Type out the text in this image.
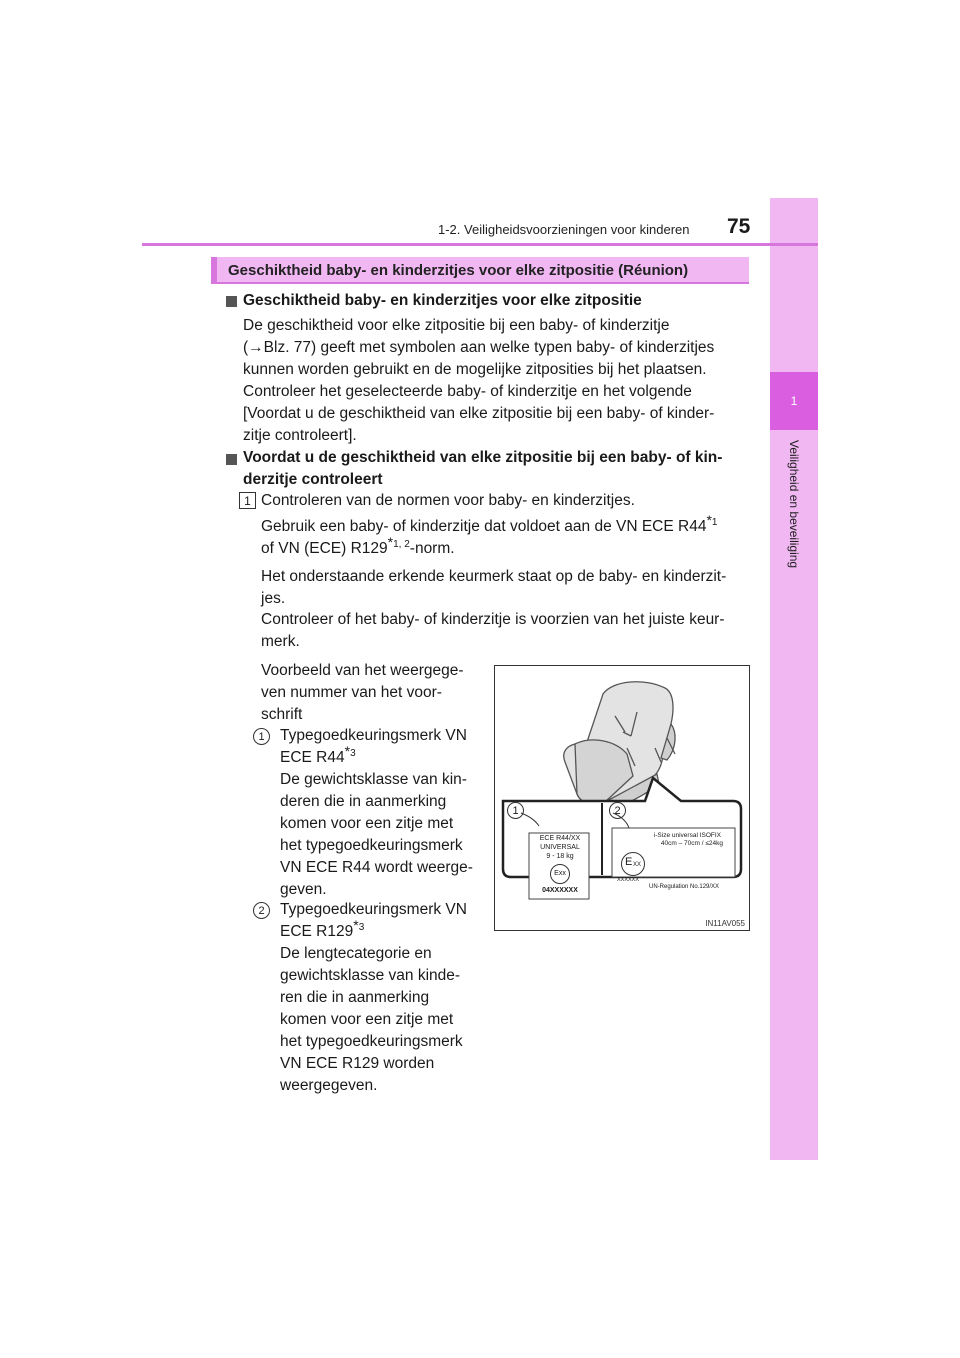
1
Veiligheid en beveiliging
1-2. Veiligheidsvoorzieningen voor kinderen 75
Geschiktheid baby- en kinderzitjes voor elke zitpositie (Réunion)
Geschiktheid baby- en kinderzitjes voor elke zitpositie
De geschiktheid voor elke zitpositie bij een baby- of kinderzitje
(→Blz. 77) geeft met symbolen aan welke typen baby- of kinderzitjes
kunnen worden gebruikt en de mogelijke zitposities bij het plaatsen.
Controleer het geselecteerde baby- of kinderzitje en het volgende
[Voordat u de geschiktheid van elke zitpositie bij een baby- of kinder-
zitje controleert].
Voordat u de geschiktheid van elke zitpositie bij een baby- of kin-
derzitje controleert
1 Controleren van de normen voor baby- en kinderzitjes.
Gebruik een baby- of kinderzitje dat voldoet aan de VN ECE R44$^{*1}$
of VN (ECE) R129$^{*1, 2}$-norm.
Het onderstaande erkende keurmerk staat op de baby- en kinderzit-
jes.
Controleer of het baby- of kinderzitje is voorzien van het juiste keur-
merk.
Voorbeeld van het weergege-
ven nummer van het voor-
schrift
1 Typegoedkeuringsmerk VN
ECE R44$^{*3}$
De gewichtsklasse van kin-
deren die in aanmerking
komen voor een zitje met
het typegoedkeuringsmerk
VN ECE R44 wordt weerge-
geven.
2 Typegoedkeuringsmerk VN
ECE R129$^{*3}$
De lengtecategorie en
gewichtsklasse van kinde-
ren die in aanmerking
komen voor een zitje met
het typegoedkeuringsmerk
VN ECE R129 worden
weergegeven.
1	2
ECE R44/XX
UNIVERSAL
9 - 18 kg
Exx
04XXXXXX
i-Size universal ISOFIX
40cm – 70cm / ≤24kg
E XX
XXXXXX
UN-Regulation No.129/XX
IN11AV055
